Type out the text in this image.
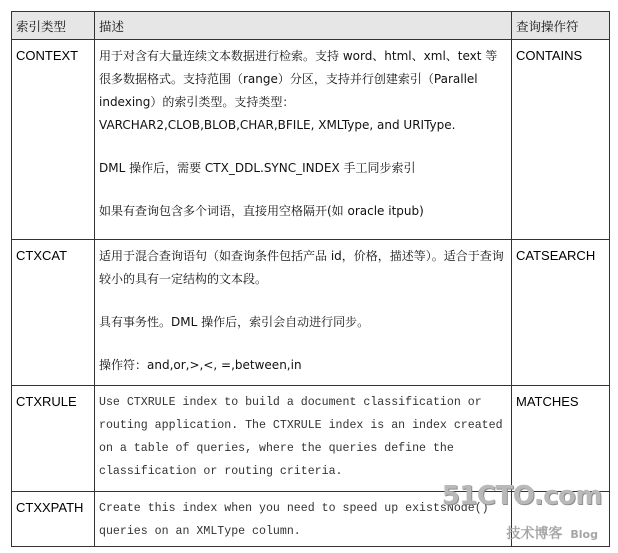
索引类型	描述	查询操作符

CONTEXT	用于对含有大量连续文本数据进行检索。支持 word、html、xml、text 等很多数据格式。支持范围（range）分区，支持并行创建索引（Parallel indexing）的索引类型。支持类型：VARCHAR2,CLOB,BLOB,CHAR,BFILE, XMLType, and URIType.

DML 操作后，需要 CTX_DDL.SYNC_INDEX 手工同步索引

如果有查询包含多个词语，直接用空格隔开(如 oracle itpub)	CONTAINS

CTXCAT	适用于混合查询语句（如查询条件包括产品 id，价格，描述等）。适合于查询较小的具有一定结构的文本段。

具有事务性。DML 操作后，索引会自动进行同步。

操作符：and,or,>,<, =,between,in	CATSEARCH

CTXRULE	Use CTXRULE index to build a document classification or routing application. The CTXRULE index is an index created on a table of queries, where the queries define the classification or routing criteria.	MATCHES

CTXXPATH	Create this index when you need to speed up existsNode() queries on an XMLType column.	

51CTO.com
技术博客 Blog
